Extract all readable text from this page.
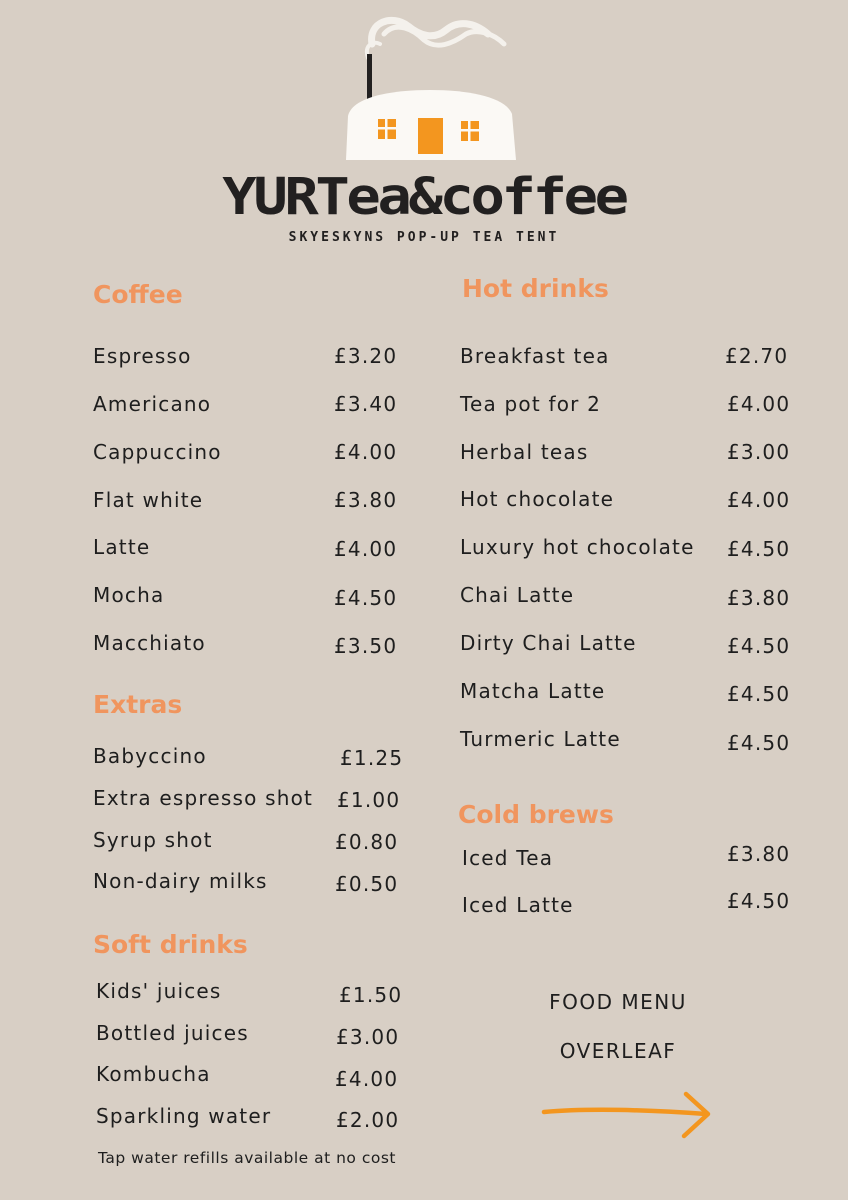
YURTea&coffee
SKYESKYNS POP-UP TEA TENT
Coffee
Espresso	£3.20
Americano	£3.40
Cappuccino	£4.00
Flat white	£3.80
Latte	£4.00
Mocha	£4.50
Macchiato	£3.50
Extras
Babyccino	£1.25
Extra espresso shot £1.00
Syrup shot	£0.80
Non-dairy milks	£0.50
Soft drinks
Kids' juices	£1.50
Bottled juices	£3.00
Kombucha	£4.00
Sparkling water	£2.00
Tap water refills available at no cost
Hot drinks
Breakfast tea	£2.70
Tea pot for 2	£4.00
Herbal teas	£3.00
Hot chocolate	£4.00
Luxury hot chocolate £4.50
Chai Latte	£3.80
Dirty Chai Latte	£4.50
Matcha Latte	£4.50
Turmeric Latte	£4.50
Cold brews
Iced Tea	£3.80
Iced Latte	£4.50
FOOD MENU
OVERLEAF
